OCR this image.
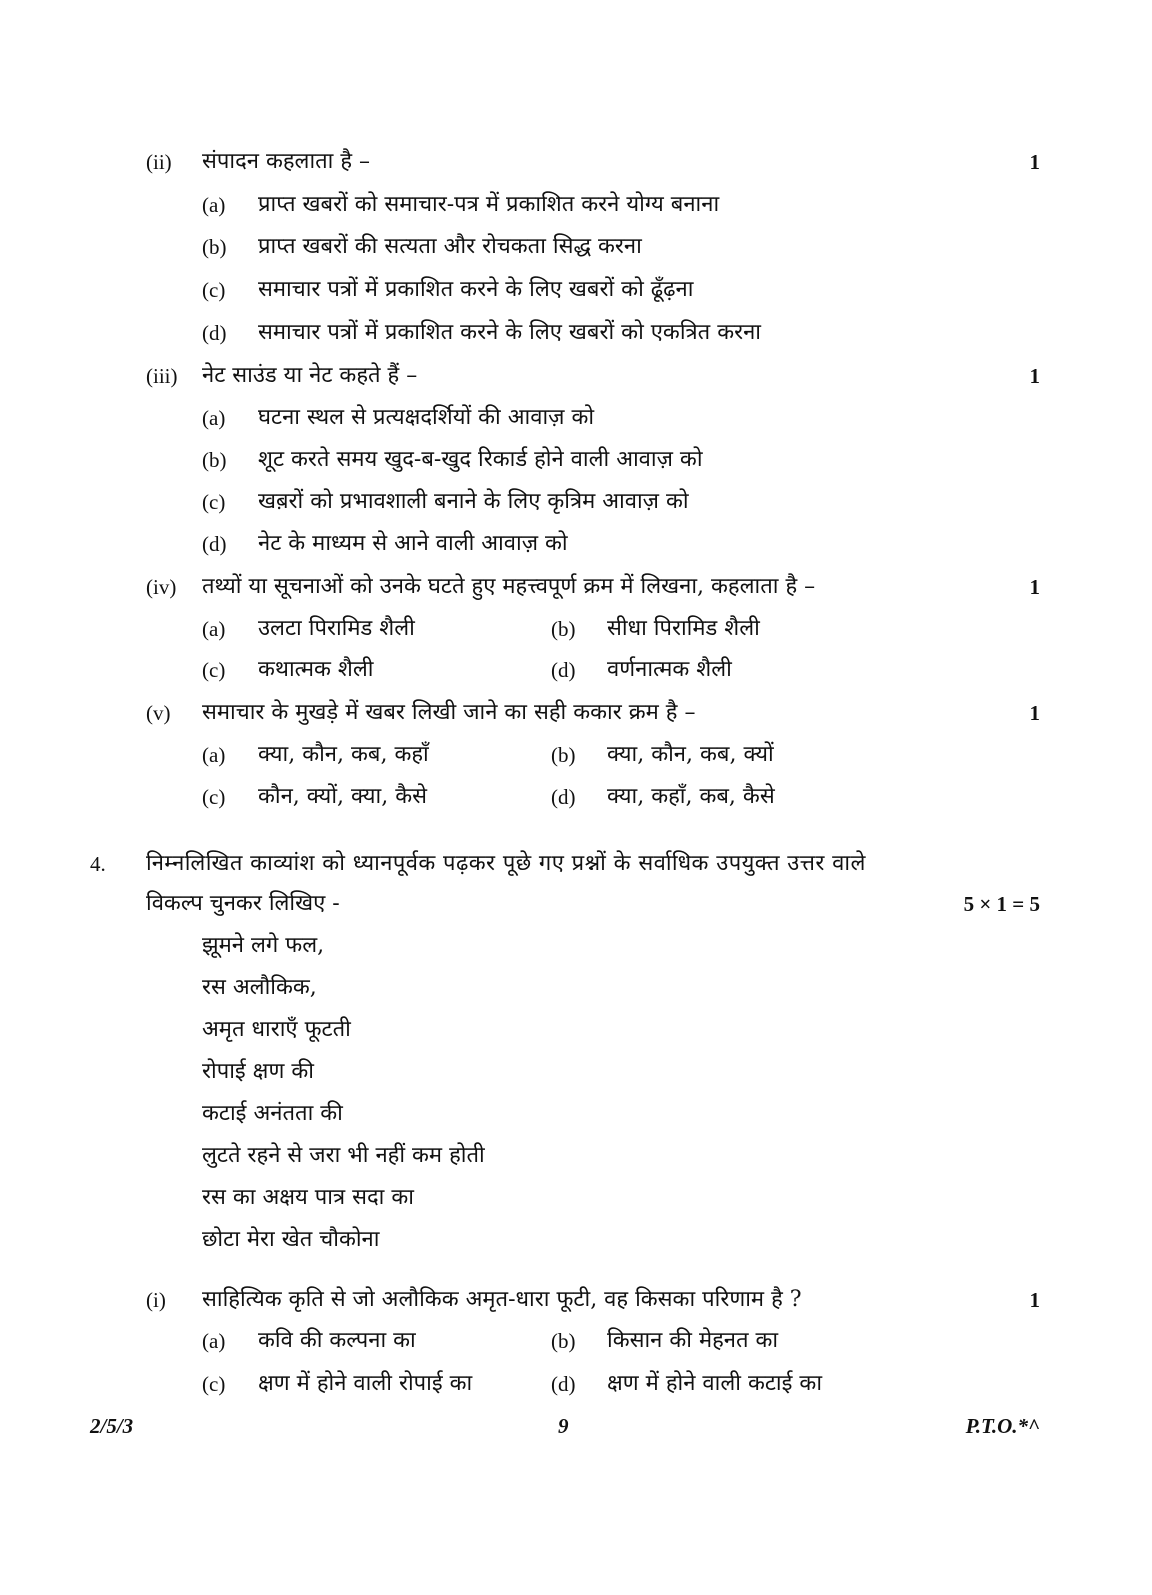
(ii) संपादन कहलाता है –	1
(a) प्राप्त खबरों को समाचार-पत्र में प्रकाशित करने योग्य बनाना
(b) प्राप्त खबरों की सत्यता और रोचकता सिद्ध करना
(c) समाचार पत्रों में प्रकाशित करने के लिए खबरों को ढूँढ़ना
(d) समाचार पत्रों में प्रकाशित करने के लिए खबरों को एकत्रित करना
(iii) नेट साउंड या नेट कहते हैं –	1
(a) घटना स्थल से प्रत्यक्षदर्शियों की आवाज़ को
(b) शूट करते समय खुद-ब-खुद रिकार्ड होने वाली आवाज़ को
(c) खब़रों को प्रभावशाली बनाने के लिए कृत्रिम आवाज़ को
(d) नेट के माध्यम से आने वाली आवाज़ को
(iv) तथ्यों या सूचनाओं को उनके घटते हुए महत्त्वपूर्ण क्रम में लिखना, कहलाता है –	1
(a) उलटा पिरामिड शैली	(b) सीधा पिरामिड शैली
(c) कथात्मक शैली	(d) वर्णनात्मक शैली
(v) समाचार के मुखड़े में खबर लिखी जाने का सही ककार क्रम है –	1
(a) क्या, कौन, कब, कहाँ	(b) क्या, कौन, कब, क्यों
(c) कौन, क्यों, क्या, कैसे	(d) क्या, कहाँ, कब, कैसे
4. निम्नलिखित काव्यांश को ध्यानपूर्वक पढ़कर पूछे गए प्रश्नों के सर्वाधिक उपयुक्त उत्तर वाले
विकल्प चुनकर लिखिए -	5 × 1 = 5
झूमने लगे फल,
रस अलौकिक,
अमृत धाराएँ फूटती
रोपाई क्षण की
कटाई अनंतता की
लुटते रहने से जरा भी नहीं कम होती
रस का अक्षय पात्र सदा का
छोटा मेरा खेत चौकोना
(i) साहित्यिक कृति से जो अलौकिक अमृत-धारा फूटी, वह किसका परिणाम है ?	1
(a) कवि की कल्पना का	(b) किसान की मेहनत का
(c) क्षण में होने वाली रोपाई का	(d) क्षण में होने वाली कटाई का
2/5/3	9	P.T.O.*^
